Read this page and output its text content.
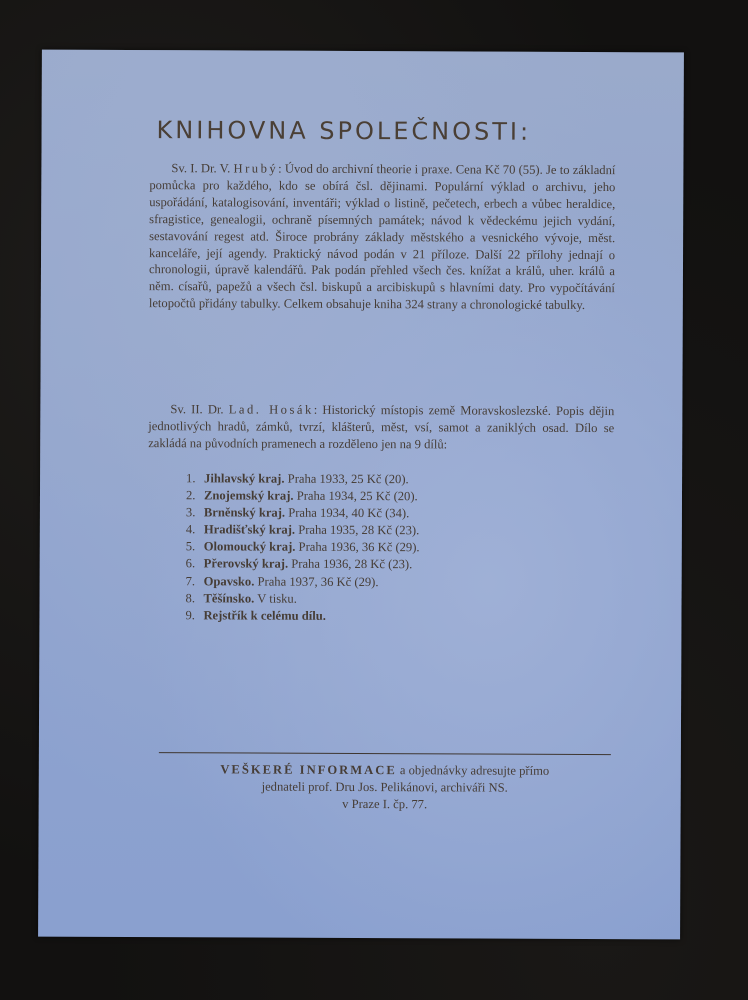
KNIHOVNA SPOLEČNOSTI:

Sv. I. Dr. V. Hrubý: Úvod do archivní theorie i praxe. Cena Kč 70 (55). Je to základní pomůcka pro každého, kdo se obírá čsl. dějinami. Populární výklad o archivu, jeho uspořádání, katalogisování, inventáři; výklad o listině, pečetech, erbech a vůbec heraldice, sfragistice, genealogii, ochraně písemných památek; návod k vědeckému jejich vydání, sestavování regest atd. Široce probrány základy městského a vesnického vývoje, měst. kanceláře, její agendy. Praktický návod podán v 21 příloze. Další 22 přílohy jednají o chronologii, úpravě kalendářů. Pak podán přehled všech čes. knížat a králů, uher. králů a něm. císařů, papežů a všech čsl. biskupů a arcibiskupů s hlavními daty. Pro vypočítávání letopočtů přidány tabulky. Celkem obsahuje kniha 324 strany a chronologické tabulky.

Sv. II. Dr. Lad. Hosák: Historický místopis země Moravskoslezské. Popis dějin jednotlivých hradů, zámků, tvrzí, klášterů, měst, vsí, samot a zaniklých osad. Dílo se zakládá na původních pramenech a rozděleno jen na 9 dílů:

1. Jihlavský kraj. Praha 1933, 25 Kč (20).
2. Znojemský kraj. Praha 1934, 25 Kč (20).
3. Brněnský kraj. Praha 1934, 40 Kč (34).
4. Hradišťský kraj. Praha 1935, 28 Kč (23).
5. Olomoucký kraj. Praha 1936, 36 Kč (29).
6. Přerovský kraj. Praha 1936, 28 Kč (23).
7. Opavsko. Praha 1937, 36 Kč (29).
8. Těšínsko. V tisku.
9. Rejstřík k celému dílu.
VEŠKERÉ INFORMACE a objednávky adresujte přímo
jednateli prof. Dru Jos. Pelikánovi, archiváři NS.
v Praze I. čp. 77.
